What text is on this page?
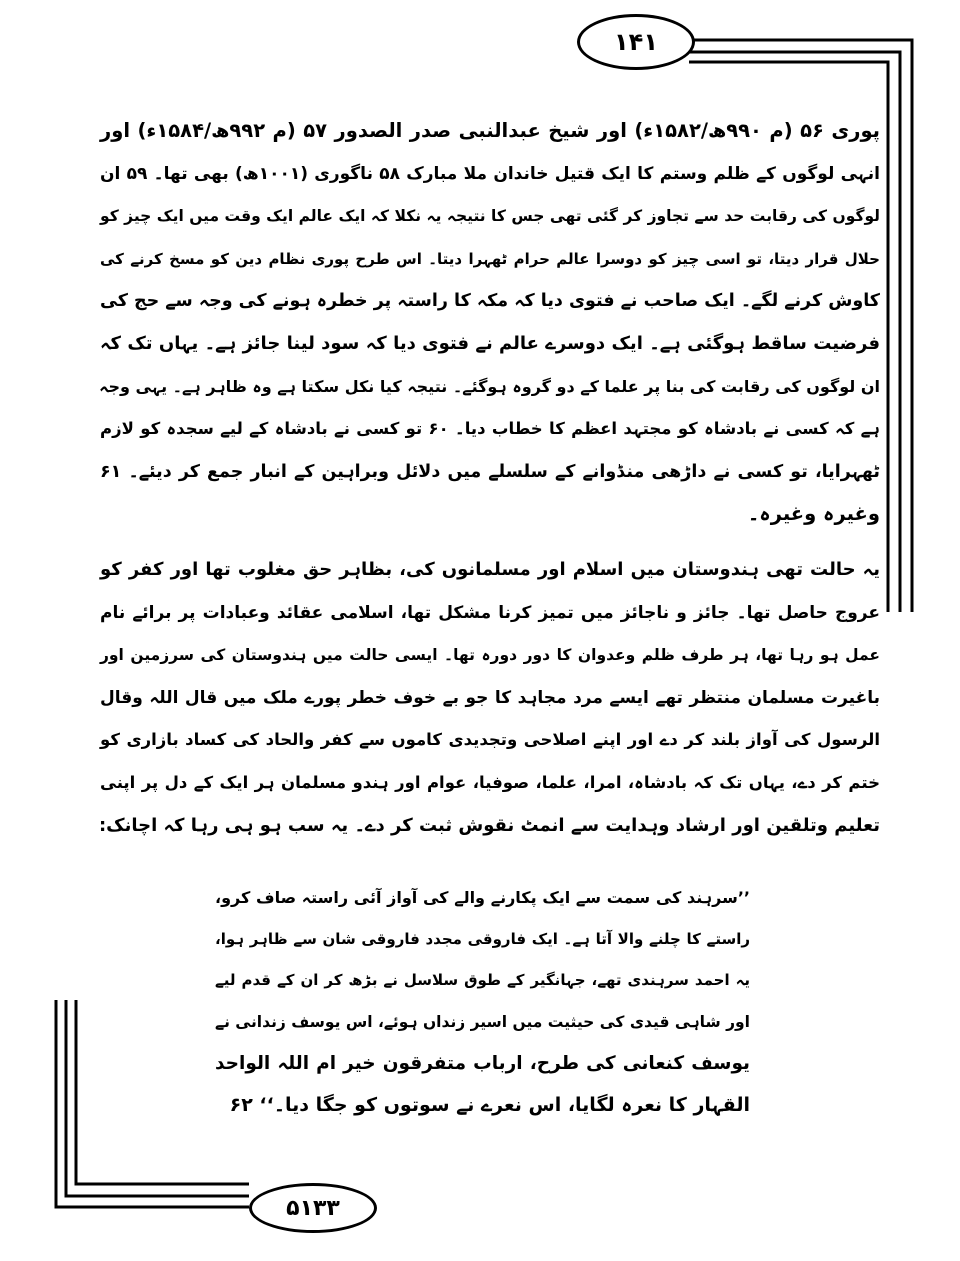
۱۴۱
پوری ۵۶ (م ۹۹۰ھ/۱۵۸۲ء) اور شیخ عبدالنبی صدر الصدور ۵۷ (م ۹۹۲ھ/۱۵۸۴ء) اور
انہی لوگوں کے ظلم وستم کا ایک قتیل خاندان ملا مبارک ۵۸ ناگوری (۱۰۰۱ھ) بھی تھا۔ ۵۹ ان
لوگوں کی رقابت حد سے تجاوز کر گئی تھی جس کا نتیجہ یہ نکلا کہ ایک عالم ایک وقت میں ایک چیز کو
حلال قرار دیتا، تو اسی چیز کو دوسرا عالم حرام ٹھہرا دیتا۔ اس طرح پوری نظام دین کو مسخ کرنے کی
کاوش کرنے لگے۔ ایک صاحب نے فتوی دیا کہ مکہ کا راستہ پر خطرہ ہونے کی وجہ سے حج کی
فرضیت ساقط ہوگئی ہے۔ ایک دوسرے عالم نے فتوی دیا کہ سود لینا جائز ہے۔ یہاں تک کہ
ان لوگوں کی رقابت کی بنا پر علما کے دو گروہ ہوگئے۔ نتیجہ کیا نکل سکتا ہے وہ ظاہر ہے۔ یہی وجہ
ہے کہ کسی نے بادشاہ کو مجتہد اعظم کا خطاب دیا۔ ۶۰ تو کسی نے بادشاہ کے لیے سجدہ کو لازم
ٹھہرایا، تو کسی نے داڑھی منڈوانے کے سلسلے میں دلائل وبراہین کے انبار جمع کر دیئے۔ ۶۱
وغیرہ وغیرہ۔
یہ حالت تھی ہندوستان میں اسلام اور مسلمانوں کی، بظاہر حق مغلوب تھا اور کفر کو
عروج حاصل تھا۔ جائز و ناجائز میں تمیز کرنا مشکل تھا، اسلامی عقائد وعبادات پر برائے نام
عمل ہو رہا تھا، ہر طرف ظلم وعدوان کا دور دورہ تھا۔ ایسی حالت میں ہندوستان کی سرزمین اور
باغیرت مسلمان منتظر تھے ایسے مرد مجاہد کا جو بے خوف خطر پورے ملک میں قال اللہ وقال
الرسول کی آواز بلند کر دے اور اپنے اصلاحی وتجدیدی کاموں سے کفر والحاد کی کساد بازاری کو
ختم کر دے، یہاں تک کہ بادشاہ، امرا، علما، صوفیا، عوام اور ہندو مسلمان ہر ایک کے دل پر اپنی
تعلیم وتلقین اور ارشاد وہدایت سے انمٹ نقوش ثبت کر دے۔ یہ سب ہو ہی رہا کہ اچانک:
’’سرہند کی سمت سے ایک پکارنے والے کی آواز آئی راستہ صاف کرو،
راستے کا چلنے والا آتا ہے۔ ایک فاروقی مجدد فاروقی شان سے ظاہر ہوا،
یہ احمد سرہندی تھے، جہانگیر کے طوق سلاسل نے بڑھ کر ان کے قدم لیے
اور شاہی قیدی کی حیثیت میں اسیر زنداں ہوئے، اس یوسف زندانی نے
یوسف کنعانی کی طرح، ارباب متفرقون خیر ام اللہ الواحد
القہار کا نعرہ لگایا، اس نعرے نے سوتوں کو جگا دیا۔‘‘ ۶۲
۵۱۳۳
